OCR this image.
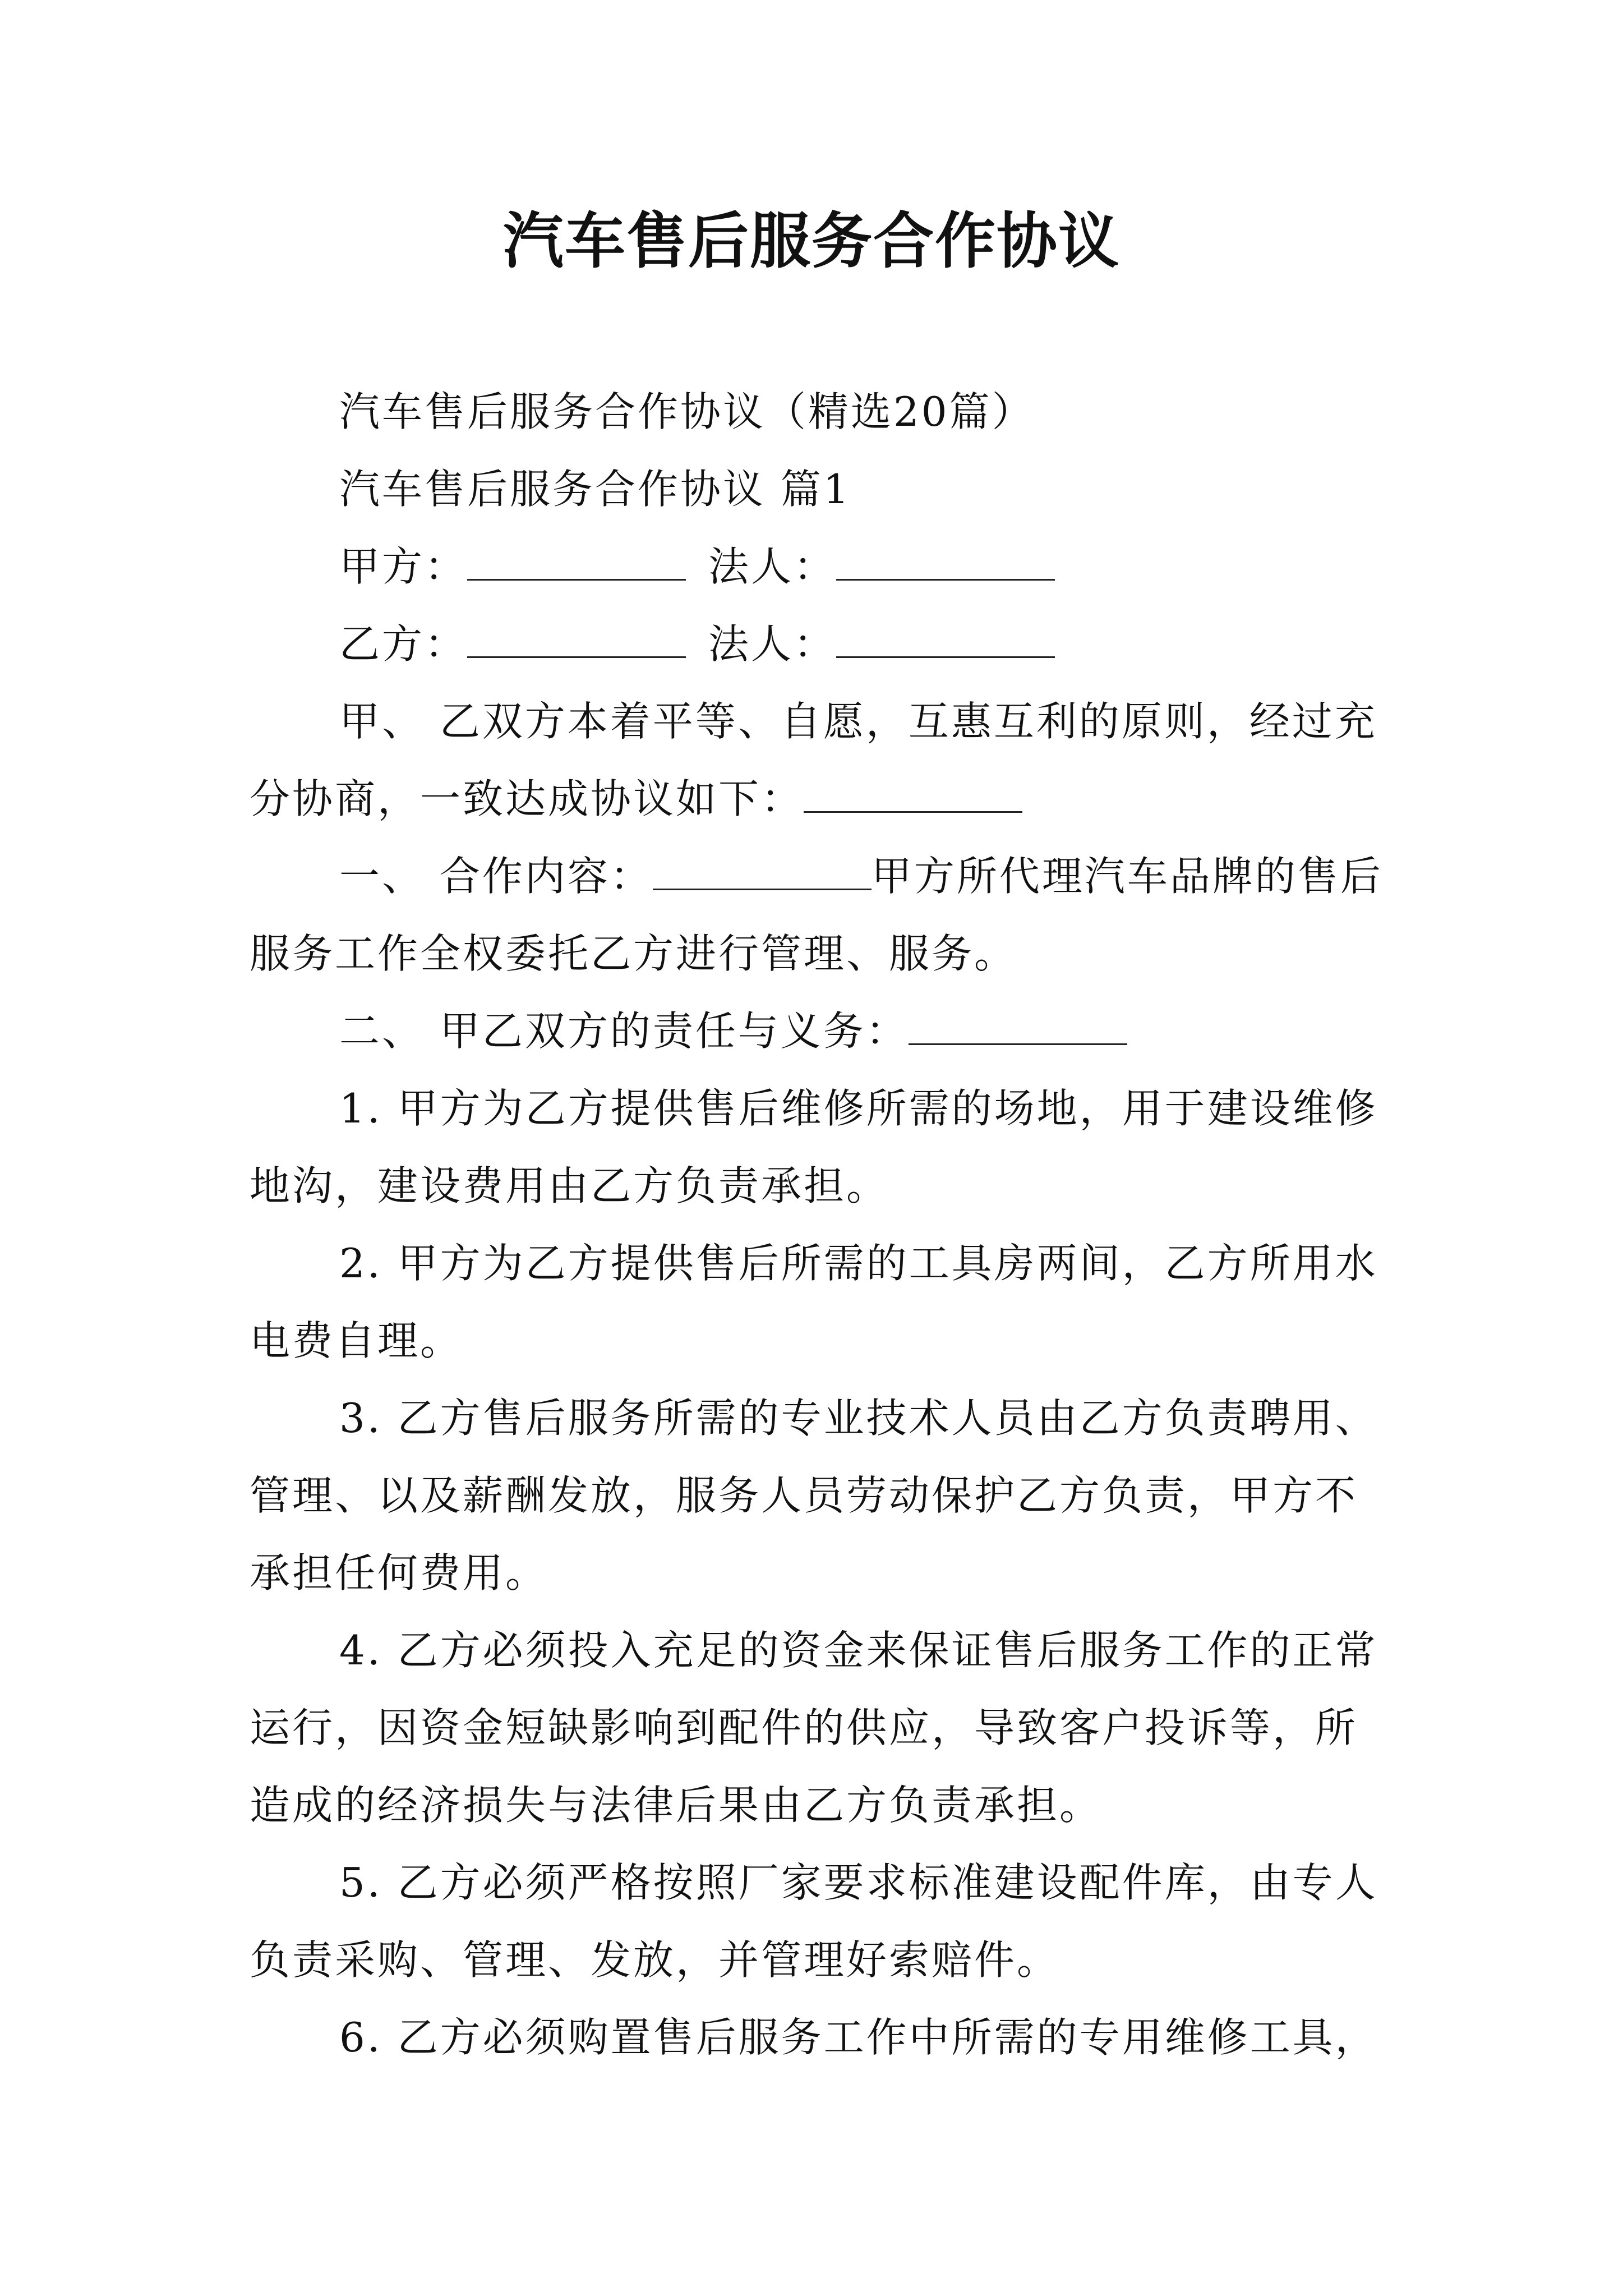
汽车售后服务合作协议

汽车售后服务合作协议（精选20篇）

汽车售后服务合作协议 篇1

甲方：	法人：

乙方：	法人：

甲、 乙双方本着平等、自愿，互惠互利的原则，经过充分协商，一致达成协议如下：

一、 合作内容：	甲方所代理汽车品牌的售后服务工作全权委托乙方进行管理、服务。

二、 甲乙双方的责任与义务：

1. 甲方为乙方提供售后维修所需的场地，用于建设维修地沟，建设费用由乙方负责承担。

2. 甲方为乙方提供售后所需的工具房两间，乙方所用水电费自理。

3. 乙方售后服务所需的专业技术人员由乙方负责聘用、管理、以及薪酬发放，服务人员劳动保护乙方负责，甲方不承担任何费用。

4. 乙方必须投入充足的资金来保证售后服务工作的正常运行，因资金短缺影响到配件的供应，导致客户投诉等，所造成的经济损失与法律后果由乙方负责承担。

5. 乙方必须严格按照厂家要求标准建设配件库，由专人负责采购、管理、发放，并管理好索赔件。

6. 乙方必须购置售后服务工作中所需的专用维修工具，
